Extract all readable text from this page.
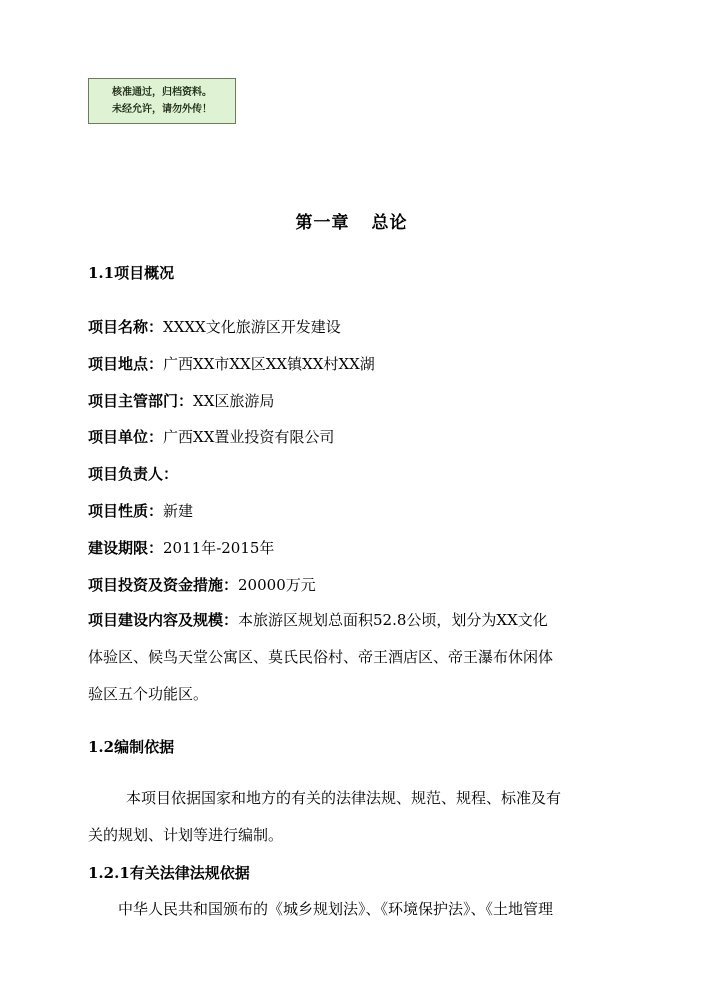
核准通过，归档资料。
未经允许，请勿外传！
第一章 总论
1.1项目概况
项目名称：XXXX文化旅游区开发建设
项目地点：广西XX市XX区XX镇XX村XX湖
项目主管部门：XX区旅游局
项目单位：广西XX置业投资有限公司
项目负责人：
项目性质：新建
建设期限：2011年-2015年
项目投资及资金措施：20000万元
项目建设内容及规模：本旅游区规划总面积52.8公顷，划分为XX文化
体验区、候鸟天堂公寓区、莫氏民俗村、帝王酒店区、帝王瀑布休闲体
验区五个功能区。
1.2编制依据
本项目依据国家和地方的有关的法律法规、规范、规程、标准及有
关的规划、计划等进行编制。
1.2.1有关法律法规依据
中华人民共和国颁布的《城乡规划法》、《环境保护法》、《土地管理
